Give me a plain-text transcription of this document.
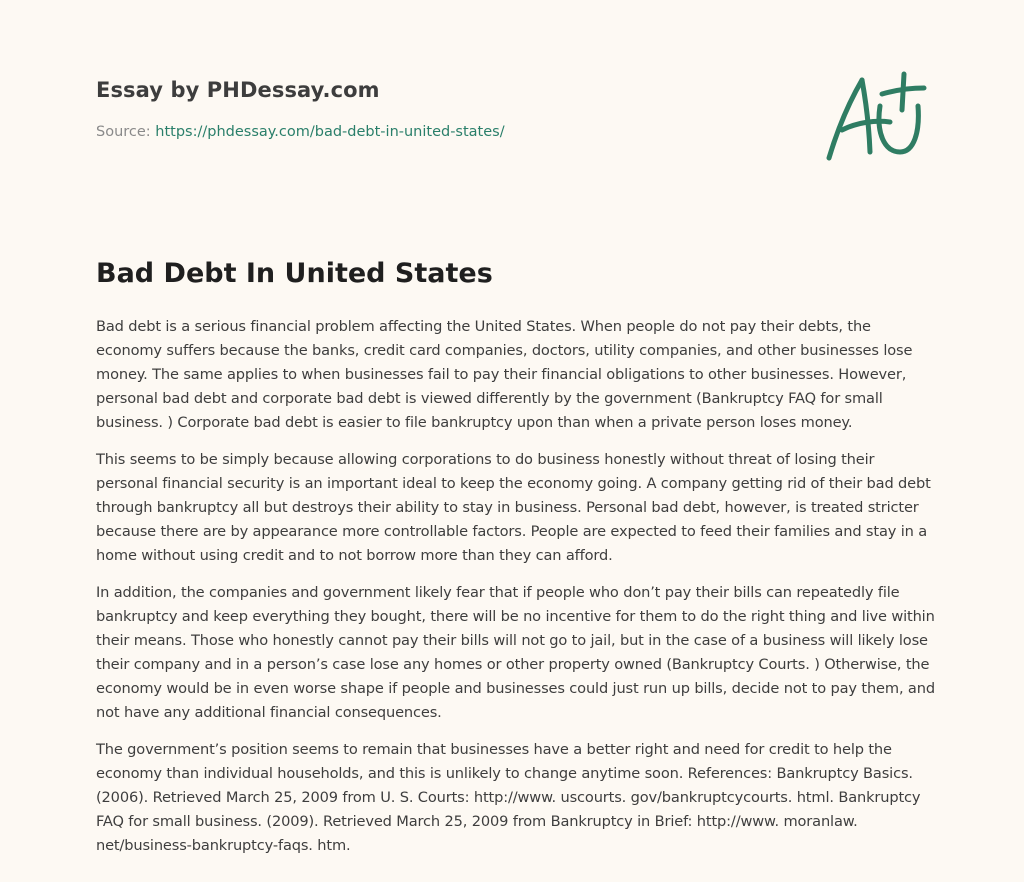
Essay by PHDessay.com
Source: https://phdessay.com/bad-debt-in-united-states/
Bad Debt In United States

Bad debt is a serious financial problem affecting the United States. When people do not pay their debts, the economy suffers because the banks, credit card companies, doctors, utility companies, and other businesses lose money. The same applies to when businesses fail to pay their financial obligations to other businesses. However, personal bad debt and corporate bad debt is viewed differently by the government (Bankruptcy FAQ for small business. ) Corporate bad debt is easier to file bankruptcy upon than when a private person loses money.

This seems to be simply because allowing corporations to do business honestly without threat of losing their personal financial security is an important ideal to keep the economy going. A company getting rid of their bad debt through bankruptcy all but destroys their ability to stay in business. Personal bad debt, however, is treated stricter because there are by appearance more controllable factors. People are expected to feed their families and stay in a home without using credit and to not borrow more than they can afford.

In addition, the companies and government likely fear that if people who don’t pay their bills can repeatedly file bankruptcy and keep everything they bought, there will be no incentive for them to do the right thing and live within their means. Those who honestly cannot pay their bills will not go to jail, but in the case of a business will likely lose their company and in a person’s case lose any homes or other property owned (Bankruptcy Courts. ) Otherwise, the economy would be in even worse shape if people and businesses could just run up bills, decide not to pay them, and not have any additional financial consequences.

The government’s position seems to remain that businesses have a better right and need for credit to help the economy than individual households, and this is unlikely to change anytime soon. References: Bankruptcy Basics. (2006). Retrieved March 25, 2009 from U. S. Courts: http://www. uscourts. gov/bankruptcycourts. html. Bankruptcy FAQ for small business. (2009). Retrieved March 25, 2009 from Bankruptcy in Brief: http://www. moranlaw. net/business-bankruptcy-faqs. htm.
